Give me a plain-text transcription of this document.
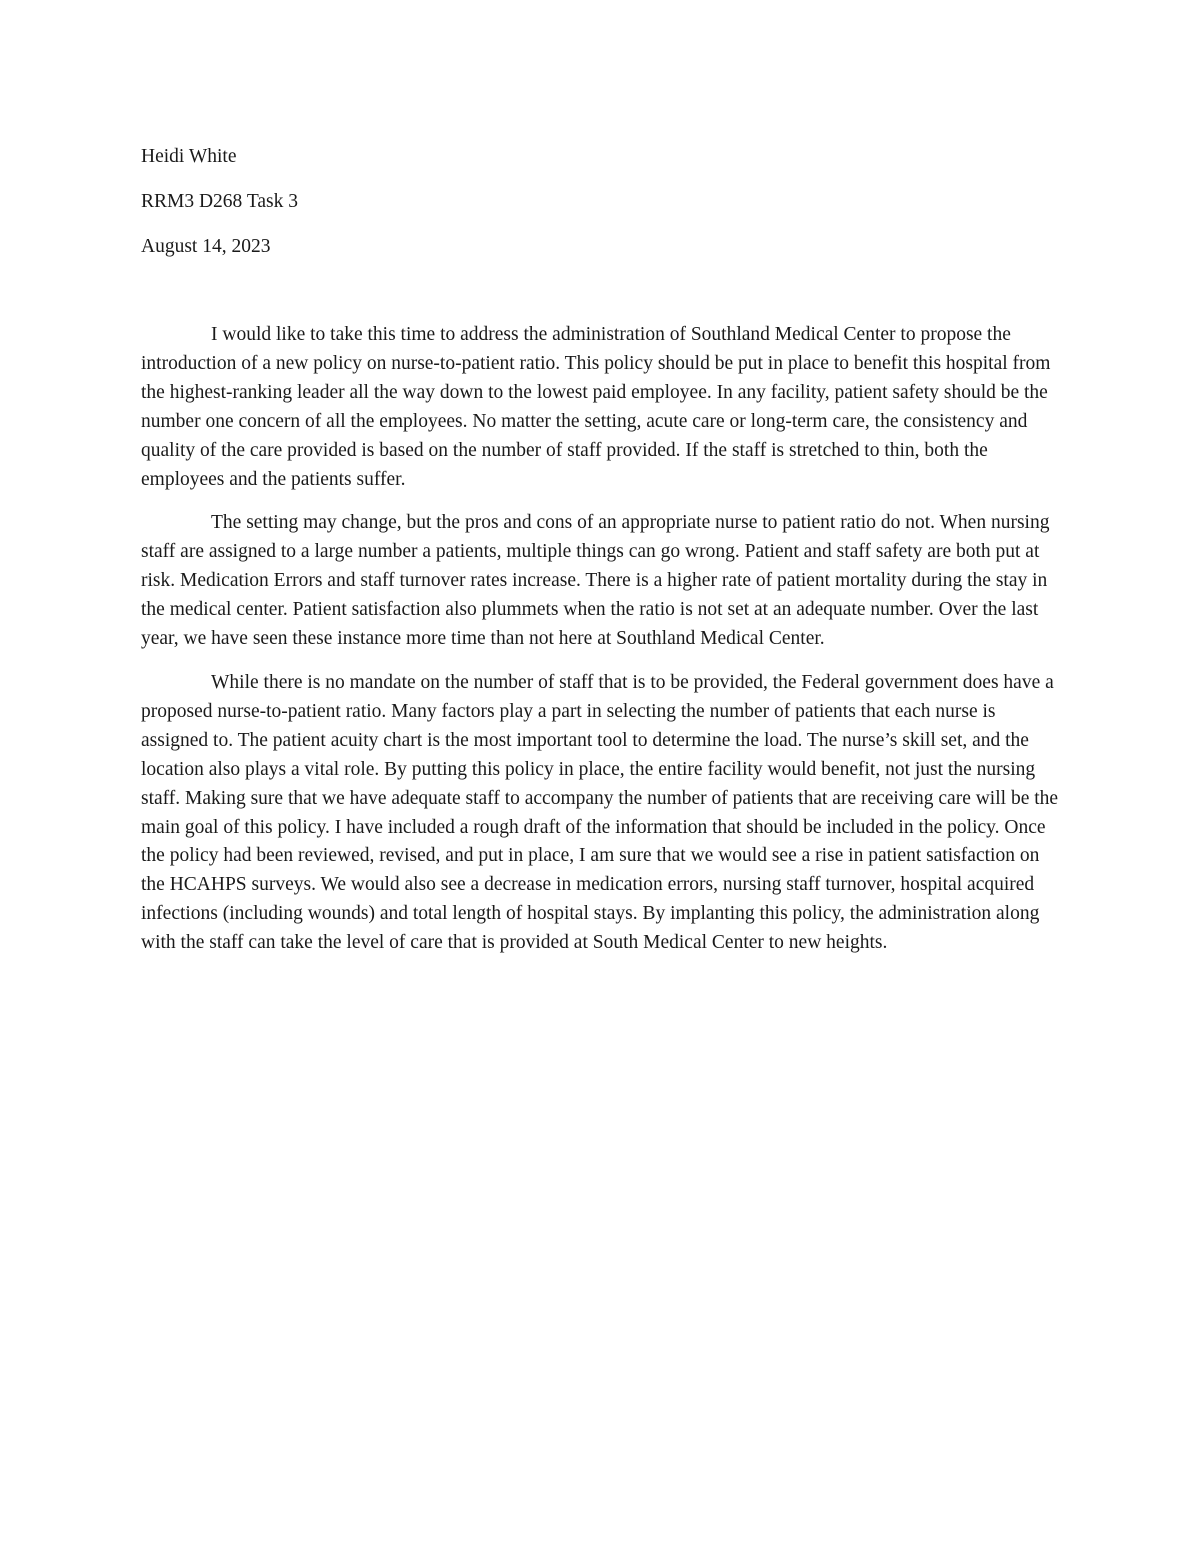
Heidi White
RRM3 D268 Task 3
August 14, 2023

I would like to take this time to address the administration of Southland Medical Center to propose the introduction of a new policy on nurse-to-patient ratio. This policy should be put in place to benefit this hospital from the highest-ranking leader all the way down to the lowest paid employee. In any facility, patient safety should be the number one concern of all the employees. No matter the setting, acute care or long-term care, the consistency and quality of the care provided is based on the number of staff provided. If the staff is stretched to thin, both the employees and the patients suffer.

The setting may change, but the pros and cons of an appropriate nurse to patient ratio do not. When nursing staff are assigned to a large number a patients, multiple things can go wrong. Patient and staff safety are both put at risk. Medication Errors and staff turnover rates increase. There is a higher rate of patient mortality during the stay in the medical center. Patient satisfaction also plummets when the ratio is not set at an adequate number. Over the last year, we have seen these instance more time than not here at Southland Medical Center.

While there is no mandate on the number of staff that is to be provided, the Federal government does have a proposed nurse-to-patient ratio. Many factors play a part in selecting the number of patients that each nurse is assigned to. The patient acuity chart is the most important tool to determine the load. The nurse’s skill set, and the location also plays a vital role. By putting this policy in place, the entire facility would benefit, not just the nursing staff. Making sure that we have adequate staff to accompany the number of patients that are receiving care will be the main goal of this policy. I have included a rough draft of the information that should be included in the policy. Once the policy had been reviewed, revised, and put in place, I am sure that we would see a rise in patient satisfaction on the HCAHPS surveys. We would also see a decrease in medication errors, nursing staff turnover, hospital acquired infections (including wounds) and total length of hospital stays. By implanting this policy, the administration along with the staff can take the level of care that is provided at South Medical Center to new heights.
